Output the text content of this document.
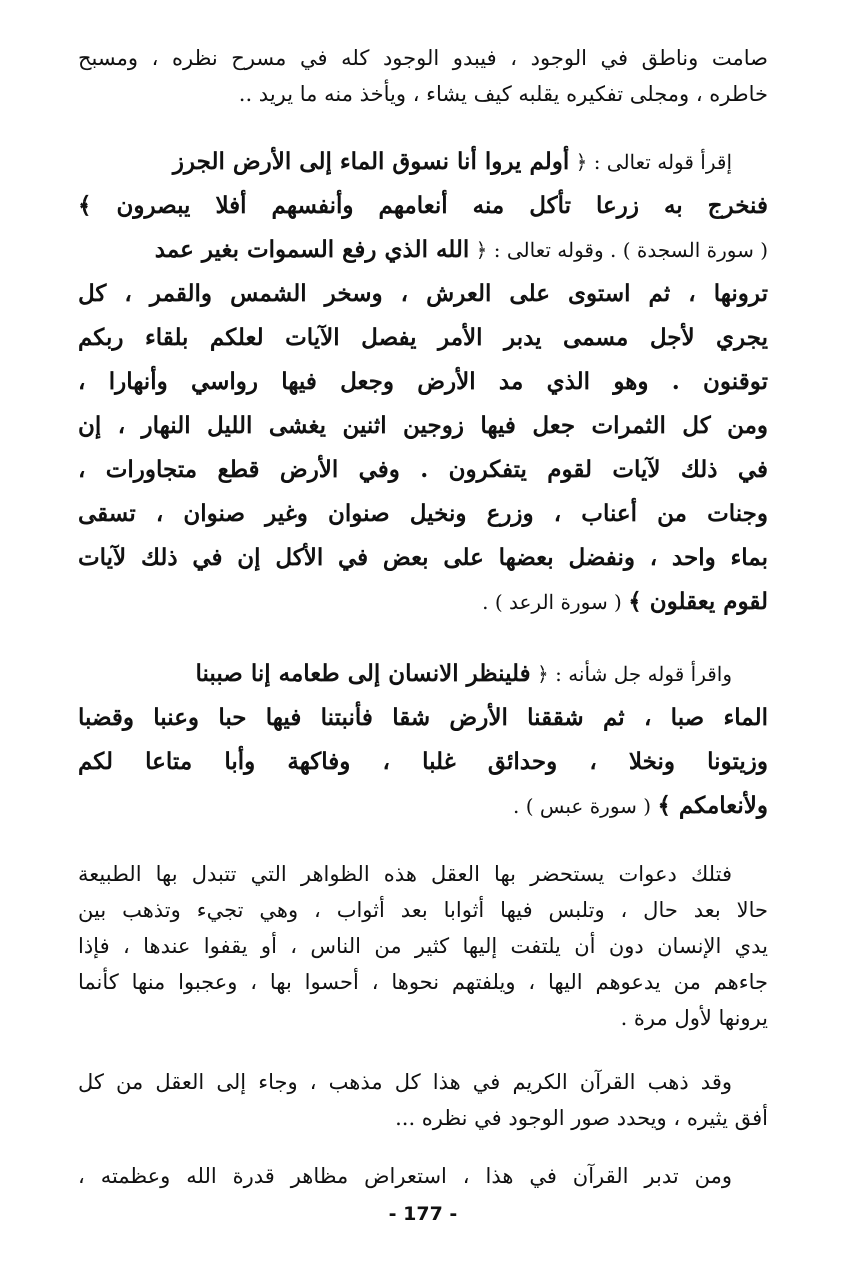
صامت وناطق في الوجود ، فيبدو الوجود كله في مسرح نظره ، ومسبح
خاطره ، ومجلى تفكيره يقلبه كيف يشاء ، ويأخذ منه ما يريد ..
إقرأ قوله تعالى : ﴿ أولم يروا أنا نسوق الماء إلى الأرض الجرز
فنخرج به زرعا تأكل منه أنعامهم وأنفسهم أفلا يبصرون ﴾
( سورة السجدة ) . وقوله تعالى : ﴿ الله الذي رفع السموات بغير عمد
ترونها ، ثم استوى على العرش ، وسخر الشمس والقمر ، كل
يجري لأجل مسمى يدبر الأمر يفصل الآيات لعلكم بلقاء ربكم
توقنون . وهو الذي مد الأرض وجعل فيها رواسي وأنهارا ،
ومن كل الثمرات جعل فيها زوجين اثنين يغشى الليل النهار ، إن
في ذلك لآيات لقوم يتفكرون . وفي الأرض قطع متجاورات ،
وجنات من أعناب ، وزرع ونخيل صنوان وغير صنوان ، تسقى
بماء واحد ، ونفضل بعضها على بعض في الأكل إن في ذلك لآيات
لقوم يعقلون ﴾ ( سورة الرعد ) .
واقرأ قوله جل شأنه : ﴿ فلينظر الانسان إلى طعامه إنا صببنا
الماء صبا ، ثم شققنا الأرض شقا فأنبتنا فيها حبا وعنبا وقضبا
وزيتونا ونخلا ، وحدائق غلبا ، وفاكهة وأبا متاعا لكم
ولأنعامكم ﴾ ( سورة عبس ) .
فتلك دعوات يستحضر بها العقل هذه الظواهر التي تتبدل بها الطبيعة
حالا بعد حال ، وتلبس فيها أثوابا بعد أثواب ، وهي تجيء وتذهب بين
يدي الإنسان دون أن يلتفت إليها كثير من الناس ، أو يقفوا عندها ، فإذا
جاءهم من يدعوهم اليها ، ويلفتهم نحوها ، أحسوا بها ، وعجبوا منها كأنما
يرونها لأول مرة .
وقد ذهب القرآن الكريم في هذا كل مذهب ، وجاء إلى العقل من كل
أفق يثيره ، ويحدد صور الوجود في نظره ...
ومن تدبر القرآن في هذا ، استعراض مظاهر قدرة الله وعظمته ،
- 177 -
